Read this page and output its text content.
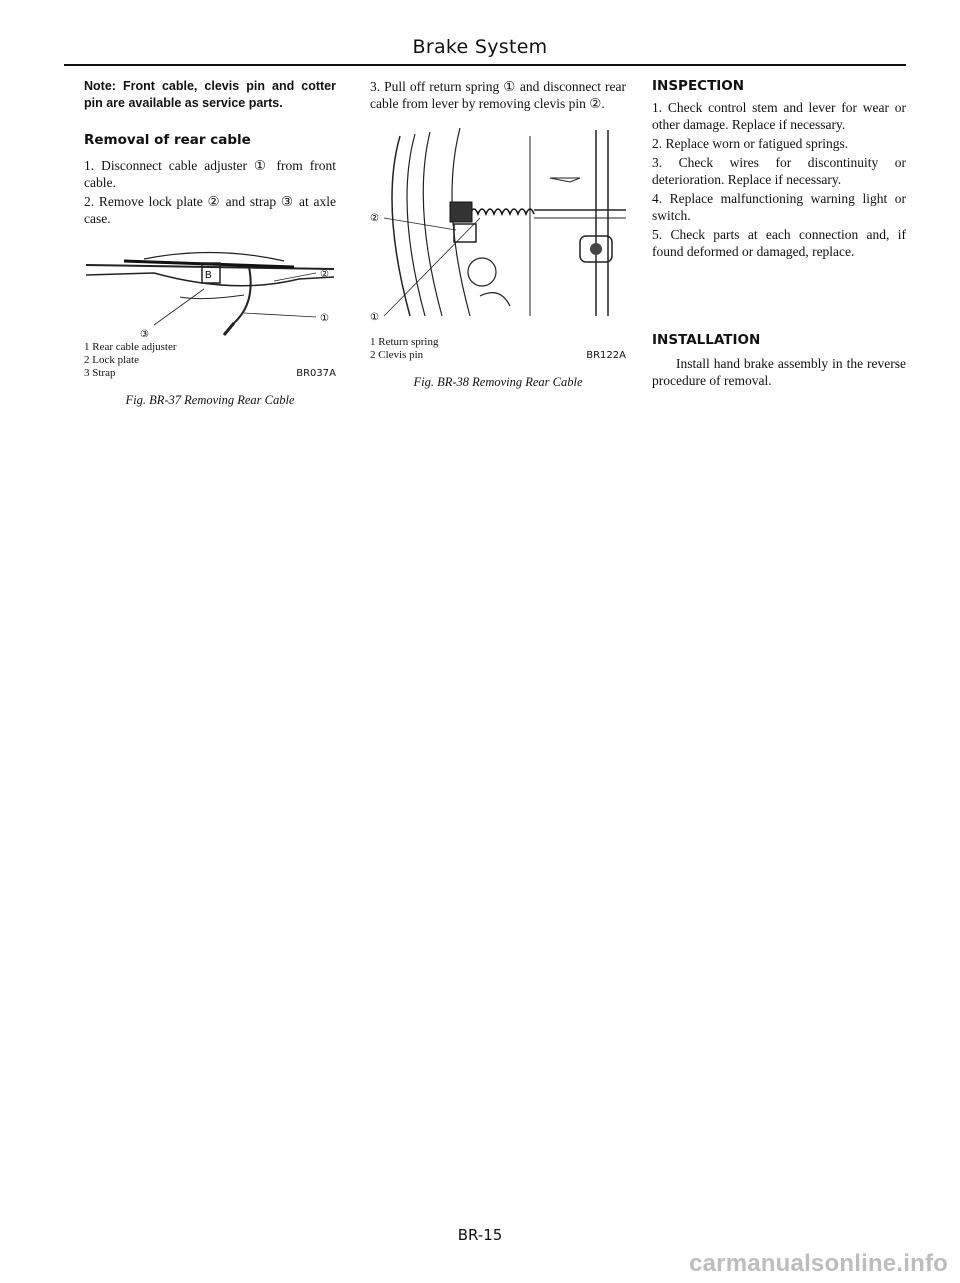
Brake System

Note: Front cable, clevis pin and cotter pin are available as service parts.

Removal of rear cable

1. Disconnect cable adjuster ① from front cable.

2. Remove lock plate ② and strap ③ at axle case.

B	②
①
③
1 Rear cable adjuster
2 Lock plate
3 Strap	BR037A

Fig. BR-37 Removing Rear Cable

3. Pull off return spring ① and disconnect rear cable from lever by removing clevis pin ②.

②
①
1 Return spring
2 Clevis pin	BR122A

Fig. BR-38 Removing Rear Cable

INSPECTION

1. Check control stem and lever for wear or other damage. Replace if necessary.

2. Replace worn or fatigued springs.

3. Check wires for discontinuity or deterioration. Replace if necessary.

4. Replace malfunctioning warning light or switch.

5. Check parts at each connection and, if found deformed or damaged, replace.

INSTALLATION

Install hand brake assembly in the reverse procedure of removal.

BR-15
carmanualsonline.info
